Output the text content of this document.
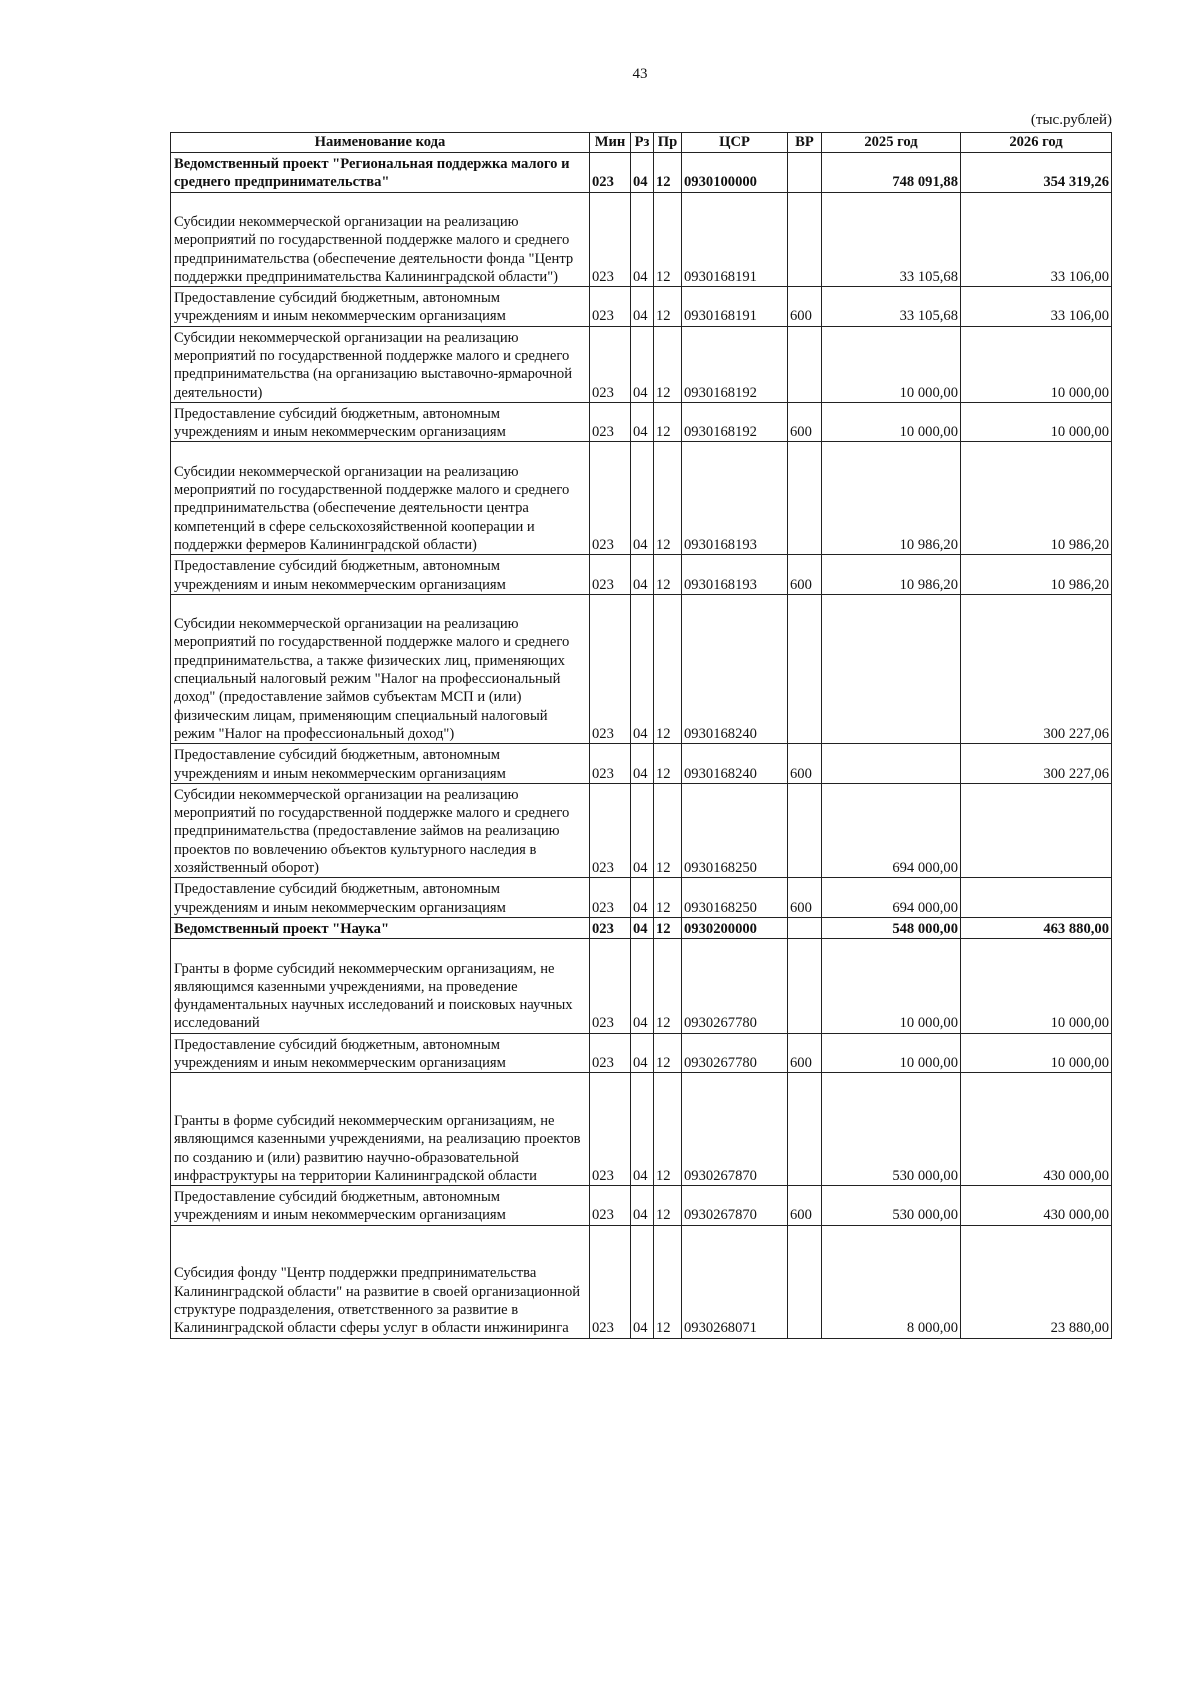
43
(тыс.рублей)
Наименование кода	Мин	Рз	Пр	ЦСР	ВР	2025 год	2026 год
Ведомственный проект "Региональная поддержка малого и среднего предпринимательства"	023	04	12	0930100000		748 091,88	354 319,26
Субсидии некоммерческой организации на реализацию мероприятий по государственной поддержке малого и среднего предпринимательства (обеспечение деятельности фонда "Центр поддержки предпринимательства Калининградской области")	023	04	12	0930168191		33 105,68	33 106,00
Предоставление субсидий бюджетным, автономным учреждениям и иным некоммерческим организациям	023	04	12	0930168191	600	33 105,68	33 106,00
Субсидии некоммерческой организации на реализацию мероприятий по государственной поддержке малого и среднего предпринимательства (на организацию выставочно-ярмарочной деятельности)	023	04	12	0930168192		10 000,00	10 000,00
Предоставление субсидий бюджетным, автономным учреждениям и иным некоммерческим организациям	023	04	12	0930168192	600	10 000,00	10 000,00
Субсидии некоммерческой организации на реализацию мероприятий по государственной поддержке малого и среднего предпринимательства (обеспечение деятельности центра компетенций в сфере сельскохозяйственной кооперации и поддержки фермеров Калининградской области)	023	04	12	0930168193		10 986,20	10 986,20
Предоставление субсидий бюджетным, автономным учреждениям и иным некоммерческим организациям	023	04	12	0930168193	600	10 986,20	10 986,20
Субсидии некоммерческой организации на реализацию мероприятий по государственной поддержке малого и среднего предпринимательства, а также физических лиц, применяющих специальный налоговый режим "Налог на профессиональный доход" (предоставление займов субъектам МСП и (или) физическим лицам, применяющим специальный налоговый режим "Налог на профессиональный доход")	023	04	12	0930168240			300 227,06
Предоставление субсидий бюджетным, автономным учреждениям и иным некоммерческим организациям	023	04	12	0930168240	600		300 227,06
Субсидии некоммерческой организации на реализацию мероприятий по государственной поддержке малого и среднего предпринимательства (предоставление займов на реализацию проектов по вовлечению объектов культурного наследия в хозяйственный оборот)	023	04	12	0930168250		694 000,00	
Предоставление субсидий бюджетным, автономным учреждениям и иным некоммерческим организациям	023	04	12	0930168250	600	694 000,00	
Ведомственный проект "Наука"	023	04	12	0930200000		548 000,00	463 880,00
Гранты в форме субсидий некоммерческим организациям, не являющимся казенными учреждениями, на проведение фундаментальных научных исследований и поисковых научных исследований	023	04	12	0930267780		10 000,00	10 000,00
Предоставление субсидий бюджетным, автономным учреждениям и иным некоммерческим организациям	023	04	12	0930267780	600	10 000,00	10 000,00
Гранты в форме субсидий некоммерческим организациям, не являющимся казенными учреждениями, на реализацию проектов по созданию и (или) развитию научно-образовательной инфраструктуры на территории Калининградской области	023	04	12	0930267870		530 000,00	430 000,00
Предоставление субсидий бюджетным, автономным учреждениям и иным некоммерческим организациям	023	04	12	0930267870	600	530 000,00	430 000,00
Субсидия фонду "Центр поддержки предпринимательства Калининградской области" на развитие в своей организационной структуре подразделения, ответственного за развитие в Калининградской области сферы услуг в области инжиниринга	023	04	12	0930268071		8 000,00	23 880,00
